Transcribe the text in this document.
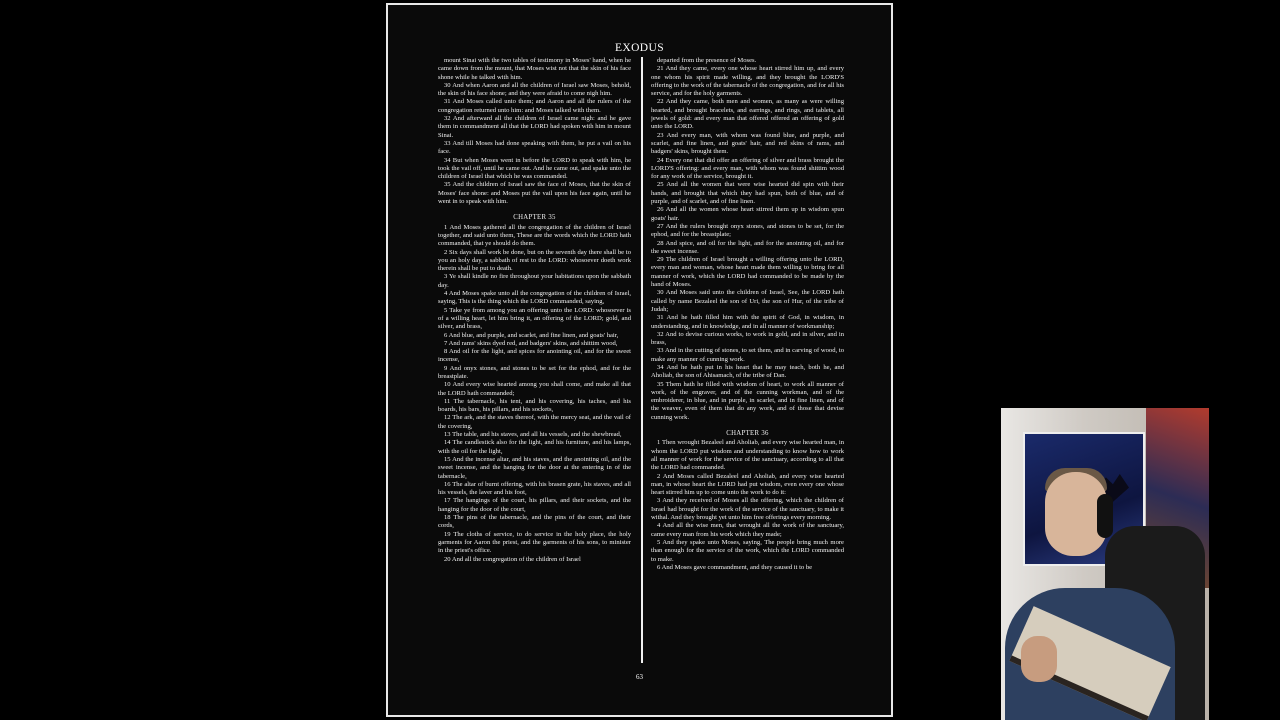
EXODUS
mount Sinai with the two tables of testimony in Moses' hand, when he came down from the mount, that Moses wist not that the skin of his face shone while he talked with him.
30 And when Aaron and all the children of Israel saw Moses, behold, the skin of his face shone; and they were afraid to come nigh him.
31 And Moses called unto them; and Aaron and all the rulers of the congregation returned unto him: and Moses talked with them.
32 And afterward all the children of Israel came nigh: and he gave them in commandment all that the LORD had spoken with him in mount Sinai.
33 And till Moses had done speaking with them, he put a vail on his face.
34 But when Moses went in before the LORD to speak with him, he took the vail off, until he came out. And he came out, and spake unto the children of Israel that which he was commanded.
35 And the children of Israel saw the face of Moses, that the skin of Moses' face shone: and Moses put the vail upon his face again, until he went in to speak with him.
CHAPTER 35
1 And Moses gathered all the congregation of the children of Israel together, and said unto them, These are the words which the LORD hath commanded, that ye should do them.
2 Six days shall work be done, but on the seventh day there shall be to you an holy day, a sabbath of rest to the LORD: whosoever doeth work therein shall be put to death.
3 Ye shall kindle no fire throughout your habitations upon the sabbath day.
4 And Moses spake unto all the congregation of the children of Israel, saying, This is the thing which the LORD commanded, saying,
5 Take ye from among you an offering unto the LORD: whosoever is of a willing heart, let him bring it, an offering of the LORD; gold, and silver, and brass,
6 And blue, and purple, and scarlet, and fine linen, and goats' hair,
7 And rams' skins dyed red, and badgers' skins, and shittim wood,
8 And oil for the light, and spices for anointing oil, and for the sweet incense,
9 And onyx stones, and stones to be set for the ephod, and for the breastplate.
10 And every wise hearted among you shall come, and make all that the LORD hath commanded;
11 The tabernacle, his tent, and his covering, his taches, and his boards, his bars, his pillars, and his sockets,
12 The ark, and the staves thereof, with the mercy seat, and the vail of the covering,
13 The table, and his staves, and all his vessels, and the shewbread,
14 The candlestick also for the light, and his furniture, and his lamps, with the oil for the light,
15 And the incense altar, and his staves, and the anointing oil, and the sweet incense, and the hanging for the door at the entering in of the tabernacle,
16 The altar of burnt offering, with his brasen grate, his staves, and all his vessels, the laver and his foot,
17 The hangings of the court, his pillars, and their sockets, and the hanging for the door of the court,
18 The pins of the tabernacle, and the pins of the court, and their cords,
19 The cloths of service, to do service in the holy place, the holy garments for Aaron the priest, and the garments of his sons, to minister in the priest's office.
20 And all the congregation of the children of Israel
departed from the presence of Moses.
21 And they came, every one whose heart stirred him up, and every one whom his spirit made willing, and they brought the LORD'S offering to the work of the tabernacle of the congregation, and for all his service, and for the holy garments.
22 And they came, both men and women, as many as were willing hearted, and brought bracelets, and earrings, and rings, and tablets, all jewels of gold: and every man that offered offered an offering of gold unto the LORD.
23 And every man, with whom was found blue, and purple, and scarlet, and fine linen, and goats' hair, and red skins of rams, and badgers' skins, brought them.
24 Every one that did offer an offering of silver and brass brought the LORD'S offering: and every man, with whom was found shittim wood for any work of the service, brought it.
25 And all the women that were wise hearted did spin with their hands, and brought that which they had spun, both of blue, and of purple, and of scarlet, and of fine linen.
26 And all the women whose heart stirred them up in wisdom spun goats' hair.
27 And the rulers brought onyx stones, and stones to be set, for the ephod, and for the breastplate;
28 And spice, and oil for the light, and for the anointing oil, and for the sweet incense.
29 The children of Israel brought a willing offering unto the LORD, every man and woman, whose heart made them willing to bring for all manner of work, which the LORD had commanded to be made by the hand of Moses.
30 And Moses said unto the children of Israel, See, the LORD hath called by name Bezaleel the son of Uri, the son of Hur, of the tribe of Judah;
31 And he hath filled him with the spirit of God, in wisdom, in understanding, and in knowledge, and in all manner of workmanship;
32 And to devise curious works, to work in gold, and in silver, and in brass,
33 And in the cutting of stones, to set them, and in carving of wood, to make any manner of cunning work.
34 And he hath put in his heart that he may teach, both he, and Aholiab, the son of Ahisamach, of the tribe of Dan.
35 Them hath he filled with wisdom of heart, to work all manner of work, of the engraver, and of the cunning workman, and of the embroiderer, in blue, and in purple, in scarlet, and in fine linen, and of the weaver, even of them that do any work, and of those that devise cunning work.
CHAPTER 36
1 Then wrought Bezaleel and Aholiab, and every wise hearted man, in whom the LORD put wisdom and understanding to know how to work all manner of work for the service of the sanctuary, according to all that the LORD had commanded.
2 And Moses called Bezaleel and Aholiab, and every wise hearted man, in whose heart the LORD had put wisdom, even every one whose heart stirred him up to come unto the work to do it:
3 And they received of Moses all the offering, which the children of Israel had brought for the work of the service of the sanctuary, to make it withal. And they brought yet unto him free offerings every morning.
4 And all the wise men, that wrought all the work of the sanctuary, came every man from his work which they made;
5 And they spake unto Moses, saying, The people bring much more than enough for the service of the work, which the LORD commanded to make.
6 And Moses gave commandment, and they caused it to be
63
